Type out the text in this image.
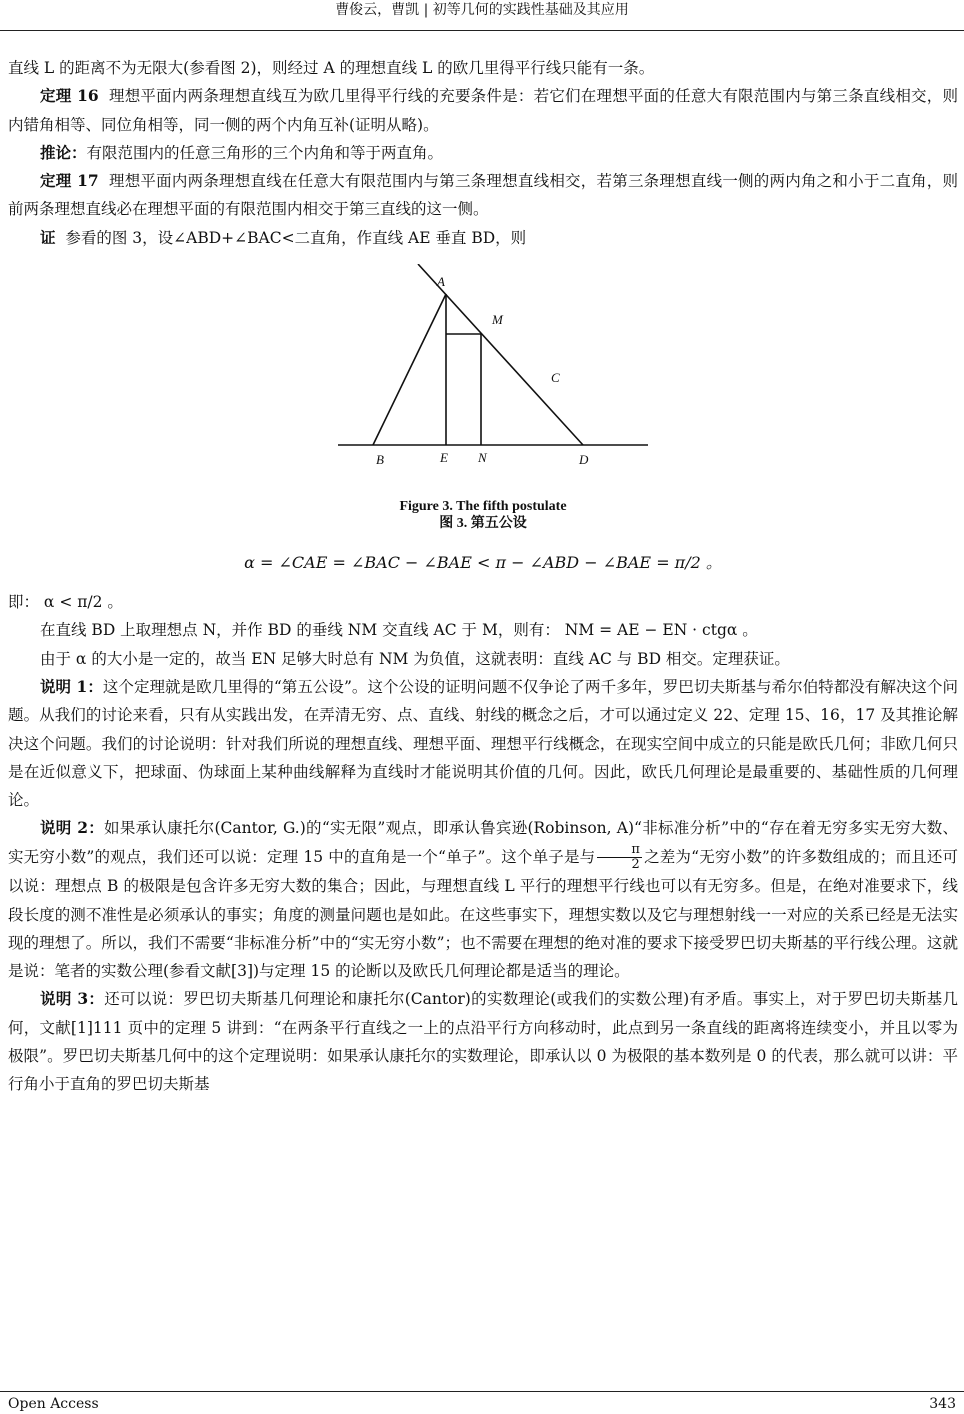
曹俊云，曹凯 | 初等几何的实践性基础及其应用

直线 L 的距离不为无限大(参看图 2)，则经过 A 的理想直线 L 的欧几里得平行线只能有一条。

定理 16 理想平面内两条理想直线互为欧几里得平行线的充要条件是：若它们在理想平面的任意大有限范围内与第三条直线相交，则内错角相等、同位角相等，同一侧的两个内角互补(证明从略)。

推论：有限范围内的任意三角形的三个内角和等于两直角。

定理 17 理想平面内两条理想直线在任意大有限范围内与第三条理想直线相交，若第三条理想直线一侧的两内角之和小于二直角，则前两条理想直线必在理想平面的有限范围内相交于第三直线的这一侧。

证 参看的图 3，设∠ABD+∠BAC<二直角，作直线 AE 垂直 BD，则

A
M
C
B	E N	D
Figure 3. The fifth postulate
图 3. 第五公设
α = ∠CAE = ∠BAC − ∠BAE < π − ∠ABD − ∠BAE = π/2 。

即： α < π/2 。

在直线 BD 上取理想点 N，并作 BD 的垂线 NM 交直线 AC 于 M，则有： NM = AE − EN · ctgα 。

由于 α 的大小是一定的，故当 EN 足够大时总有 NM 为负值，这就表明：直线 AC 与 BD 相交。定理获证。

说明 1：这个定理就是欧几里得的“第五公设”。这个公设的证明问题不仅争论了两千多年，罗巴切夫斯基与希尔伯特都没有解决这个问题。从我们的讨论来看，只有从实践出发，在弄清无穷、点、直线、射线的概念之后，才可以通过定义 22、定理 15、16，17 及其推论解决这个问题。我们的讨论说明：针对我们所说的理想直线、理想平面、理想平行线概念，在现实空间中成立的只能是欧氏几何；非欧几何只是在近似意义下，把球面、伪球面上某种曲线解释为直线时才能说明其价值的几何。因此，欧氏几何理论是最重要的、基础性质的几何理论。

说明 2：如果承认康托尔(Cantor, G.)的“实无限”观点，即承认鲁宾逊(Robinson, A)“非标准分析”中的“存在着无穷多实无穷大数、实无穷小数”的观点，我们还可以说：定理 15 中的直角是一个“单子”。这个单子是与 $\frac{\pi}{2}$ 之差为“无穷小数”的许多数组成的；而且还可以说：理想点 B 的极限是包含许多无穷大数的集合；因此，与理想直线 L 平行的理想平行线也可以有无穷多。但是，在绝对准要求下，线段长度的测不准性是必须承认的事实；角度的测量问题也是如此。在这些事实下，理想实数以及它与理想射线一一对应的关系已经是无法实现的理想了。所以，我们不需要“非标准分析”中的“实无穷小数”；也不需要在理想的绝对准的要求下接受罗巴切夫斯基的平行线公理。这就是说：笔者的实数公理(参看文献[3])与定理 15 的论断以及欧氏几何理论都是适当的理论。

说明 3：还可以说：罗巴切夫斯基几何理论和康托尔(Cantor)的实数理论(或我们的实数公理)有矛盾。事实上，对于罗巴切夫斯基几何，文献[1]111 页中的定理 5 讲到：“在两条平行直线之一上的点沿平行方向移动时，此点到另一条直线的距离将连续变小，并且以零为极限”。罗巴切夫斯基几何中的这个定理说明：如果承认康托尔的实数理论，即承认以 0 为极限的基本数列是 0 的代表，那么就可以讲：平行角小于直角的罗巴切夫斯基

Open Access	343
